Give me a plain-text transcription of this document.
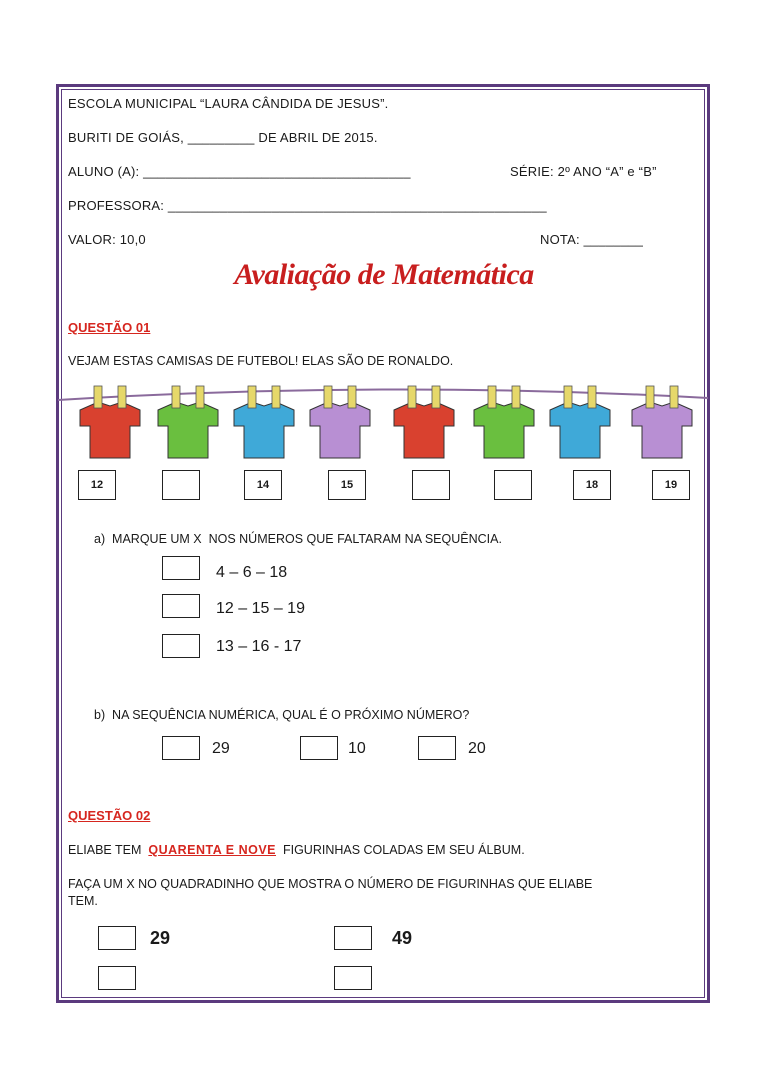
ESCOLA MUNICIPAL “LAURA CÂNDIDA DE JESUS”.
BURITI DE GOIÁS, _________ DE ABRIL DE 2015.
ALUNO (A): ____________________________________	SÉRIE: 2º ANO “A” e “B”
PROFESSORA: ___________________________________________________
VALOR: 10,0	NOTA: ________
Avaliação de Matemática
QUESTÃO 01
VEJAM ESTAS CAMISAS DE FUTEBOL! ELAS SÃO DE RONALDO.
12	14	15	18	19
a)  MARQUE UM X  NOS NÚMEROS QUE FALTARAM NA SEQUÊNCIA.
4 – 6 – 18
12 – 15 – 19
13 – 16 - 17
b)  NA SEQUÊNCIA NUMÉRICA, QUAL É O PRÓXIMO NÚMERO?
29	10	20
QUESTÃO 02
ELIABE TEM  QUARENTA E NOVE  FIGURINHAS COLADAS EM SEU ÁLBUM.
FAÇA UM X NO QUADRADINHO QUE MOSTRA O NÚMERO DE FIGURINHAS QUE ELIABE
TEM.
29	49
